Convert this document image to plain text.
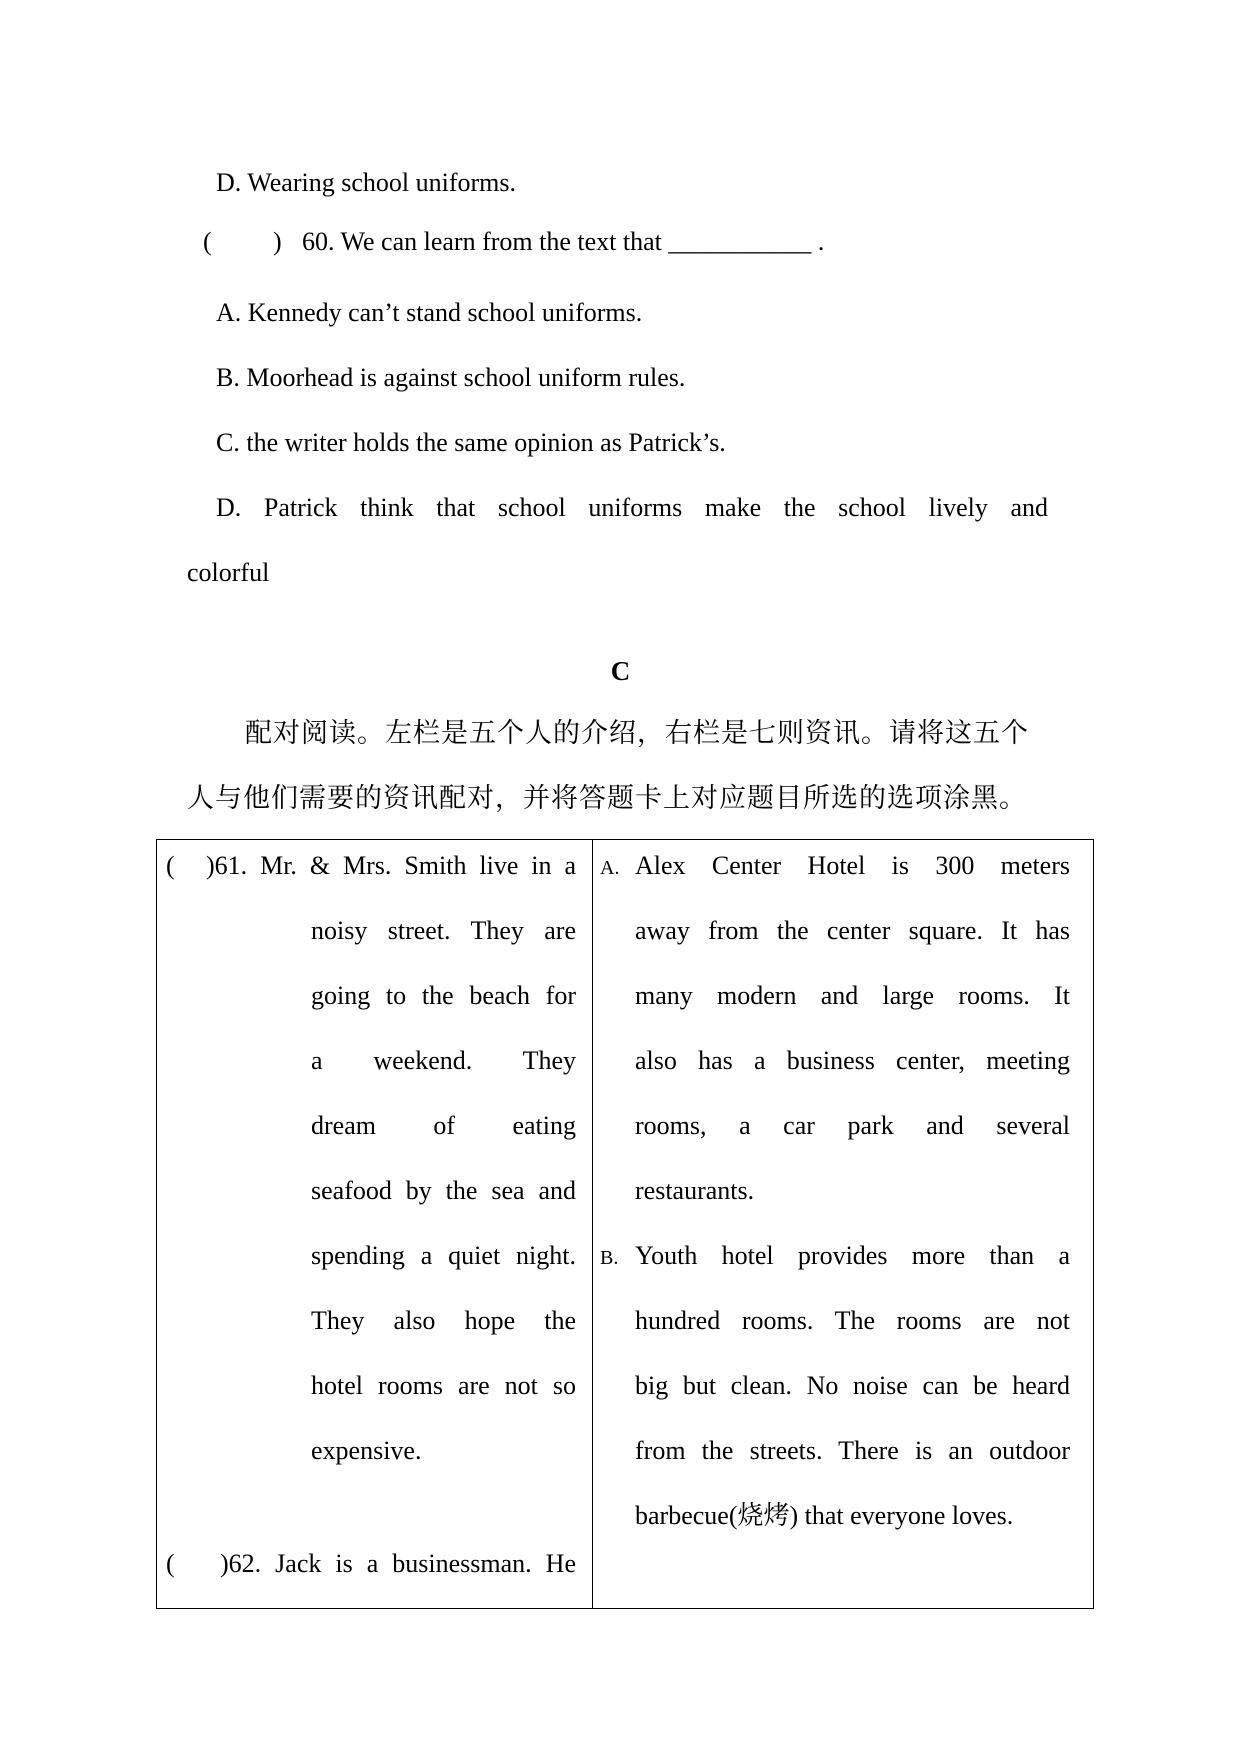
D. Wearing school uniforms.
( ) 60. We can learn from the text that ___________ .
A. Kennedy can’t stand school uniforms.
B. Moorhead is against school uniform rules.
C. the writer holds the same opinion as Patrick’s.
D. Patrick think that school uniforms make the school lively and
colorful
C
配对阅读。左栏是五个人的介绍，右栏是七则资讯。请将这五个
人与他们需要的资讯配对，并将答题卡上对应题目所选的选项涂黑。
( )61. Mr. & Mrs. Smith live in a
noisy street. They are
going to the beach for
a weekend. They
dream of eating
seafood by the sea and
spending a quiet night.
They also hope the
hotel rooms are not so
expensive.
( )62. Jack is a businessman. He
A. Alex Center Hotel is 300 meters
away from the center square. It has
many modern and large rooms. It
also has a business center, meeting
rooms, a car park and several
restaurants.
B. Youth hotel provides more than a
hundred rooms. The rooms are not
big but clean. No noise can be heard
from the streets. There is an outdoor
barbecue(烧烤) that everyone loves.
